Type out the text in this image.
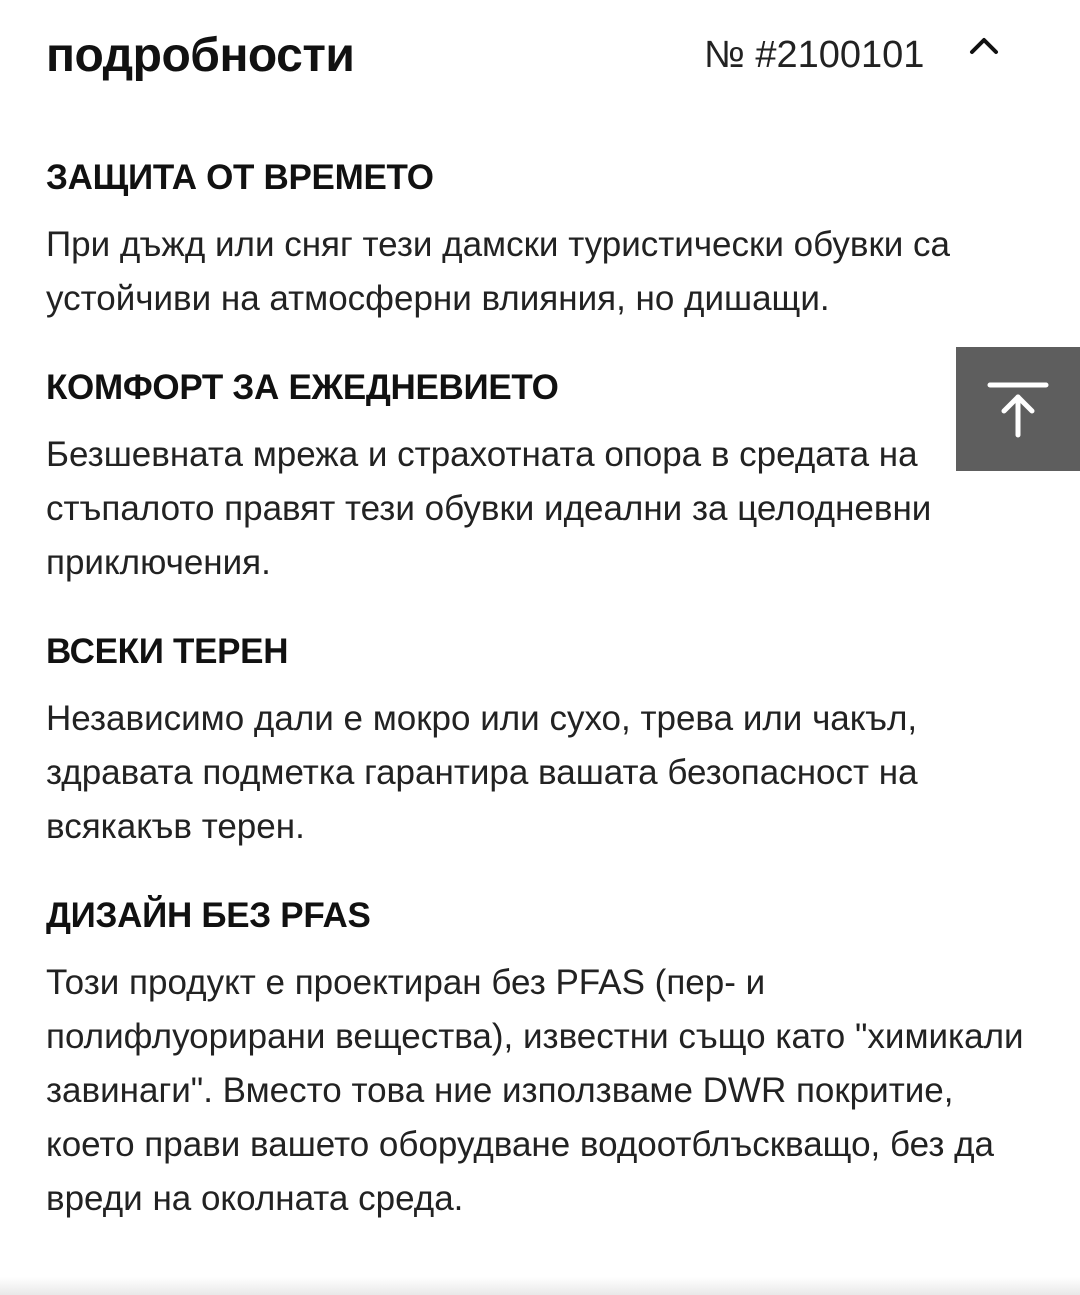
подробности	№ #2100101
ЗАЩИТА ОТ ВРЕМЕТО

При дъжд или сняг тези дамски туристически обувки са устойчиви на атмосферни влияния, но дишащи.

КОМФОРТ ЗА ЕЖЕДНЕВИЕТО

Безшевната мрежа и страхотната опора в средата на стъпалото правят тези обувки идеални за целодневни приключения.

ВСЕКИ ТЕРЕН

Независимо дали е мокро или сухо, трева или чакъл, здравата подметка гарантира вашата безопасност на всякакъв терен.

ДИЗАЙН БЕЗ PFAS

Този продукт е проектиран без PFAS (пер- и полифлуорирани вещества), известни също като "химикали завинаги". Вместо това ние използваме DWR покритие, което прави вашето оборудване водоотблъскващо, без да вреди на околната среда.
